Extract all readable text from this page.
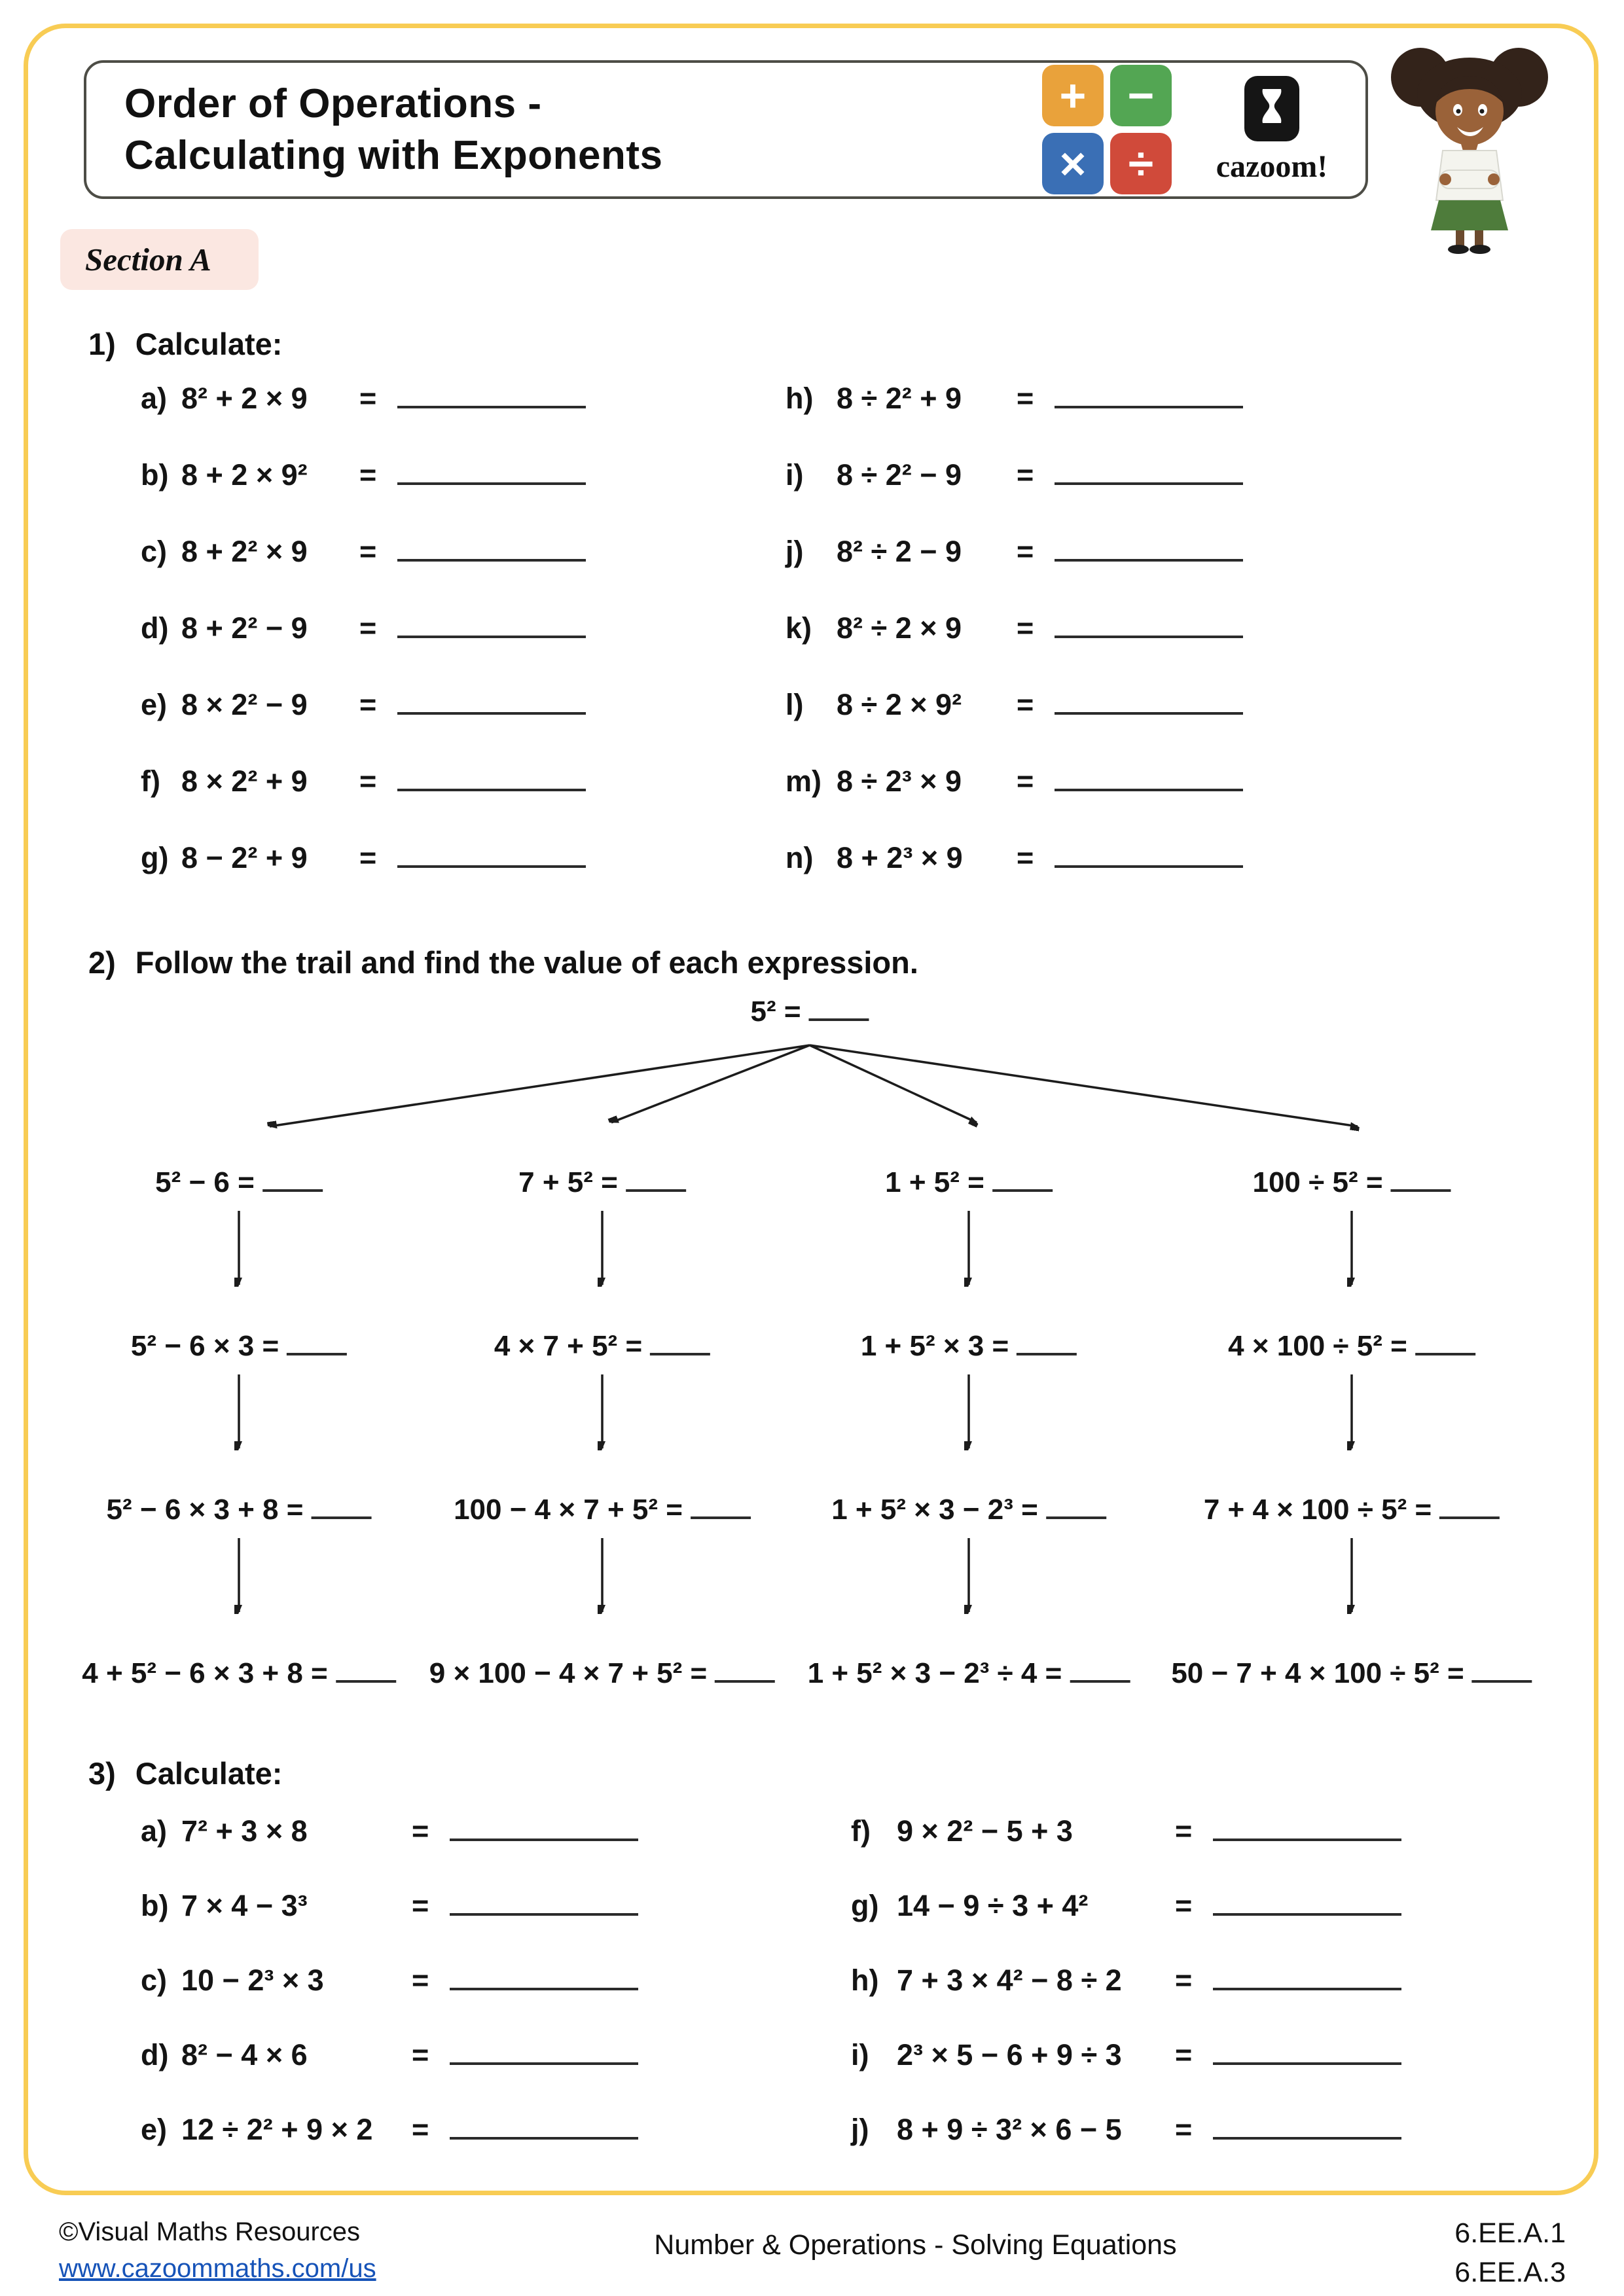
Order of Operations -
Calculating with Exponents
+ −
× ÷	cazoom!
Section A
1) Calculate:
a) 8² + 2 × 9	=
b) 8 + 2 × 9²	=
c) 8 + 2² × 9	=
d) 8 + 2² − 9	=
e) 8 × 2² − 9	=
f) 8 × 2² + 9	=
g) 8 − 2² + 9	=
h) 8 ÷ 2² + 9	=
i)	8 ÷ 2² − 9	=
j)	8² ÷ 2 − 9	=
k) 8² ÷ 2 × 9	=
l)	8 ÷ 2 × 9²	=
m) 8 ÷ 2³ × 9	=
n) 8 + 2³ × 9	=
2) Follow the trail and find the value of each expression.
5² =
5² − 6 =	7 + 5² =	1 + 5² =	100 ÷ 5² =
5² − 6 × 3 =	4 × 7 + 5² =	1 + 5² × 3 =	4 × 100 ÷ 5² =
5² − 6 × 3 + 8 =	100 − 4 × 7 + 5² =	1 + 5² × 3 − 2³ =	7 + 4 × 100 ÷ 5² =
4 + 5² − 6 × 3 + 8 =	9 × 100 − 4 × 7 + 5² =	1 + 5² × 3 − 2³ ÷ 4 =	50 − 7 + 4 × 100 ÷ 5² =
3) Calculate:
a) 7² + 3 × 8	=
b) 7 × 4 − 3³	=
c) 10 − 2³ × 3	=
d) 8² − 4 × 6	=
e) 12 ÷ 2² + 9 × 2	=
f) 9 × 2² − 5 + 3	=
g) 14 − 9 ÷ 3 + 4²	=
h) 7 + 3 × 4² − 8 ÷ 2	=
i) 2³ × 5 − 6 + 9 ÷ 3	=
j) 8 + 9 ÷ 3² × 6 − 5	=
©Visual Maths Resources
www.cazoommaths.com/us
Number & Operations - Solving Equations	6.EE.A.1
6.EE.A.3
